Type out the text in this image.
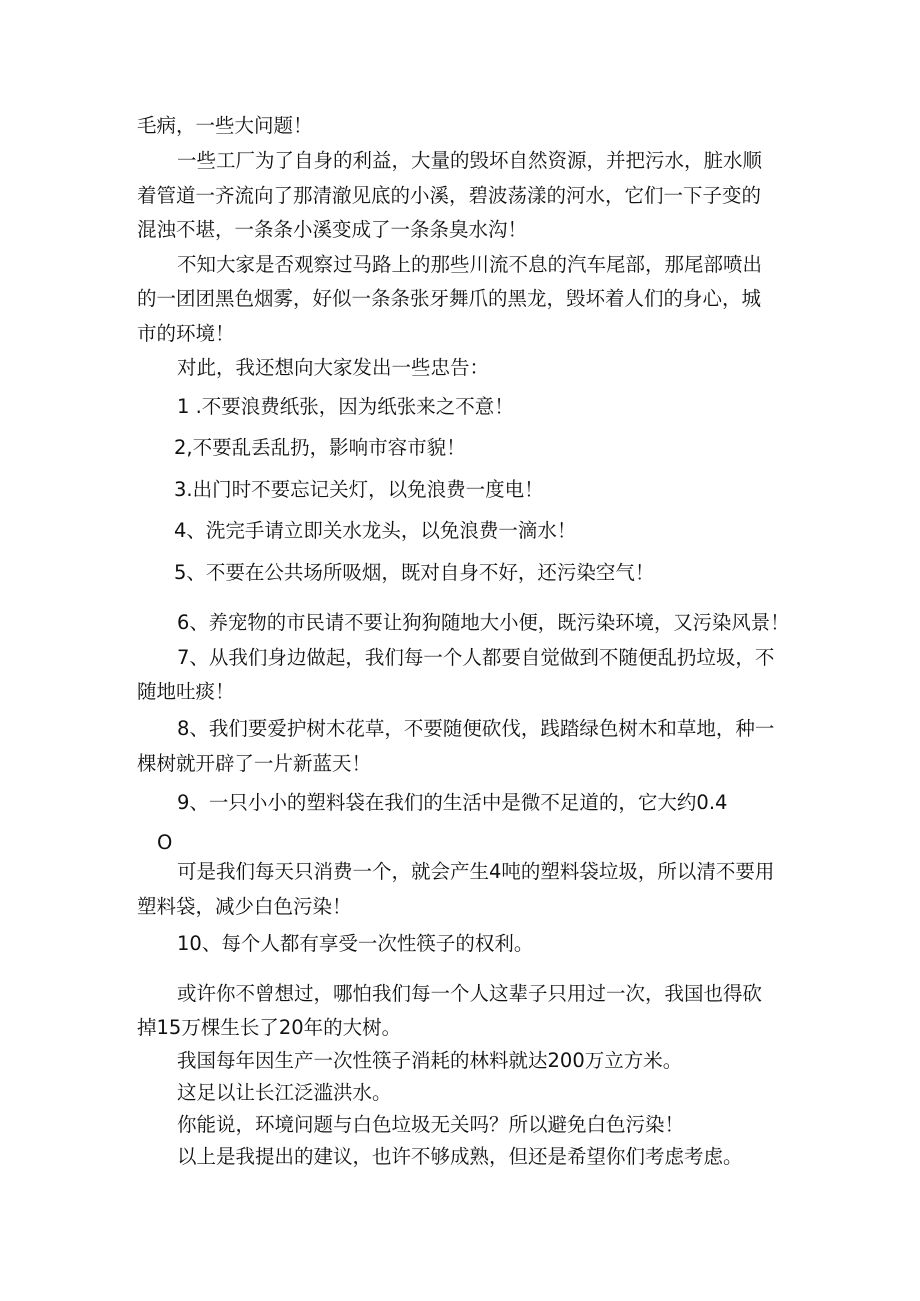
毛病，一些大问题！

一些工厂为了自身的利益，大量的毁坏自然资源，并把污水，脏水顺

着管道一齐流向了那清澈见底的小溪，碧波荡漾的河水，它们一下子变的

混浊不堪，一条条小溪变成了一条条臭水沟！

不知大家是否观察过马路上的那些川流不息的汽车尾部，那尾部喷出

的一团团黑色烟雾，好似一条条张牙舞爪的黑龙，毁坏着人们的身心，城

市的环境！

对此，我还想向大家发出一些忠告：

1 .不要浪费纸张，因为纸张来之不意！

2,不要乱丢乱扔，影响市容市貌！

3.出门时不要忘记关灯，以免浪费一度电！

4、洗完手请立即关水龙头，以免浪费一滴水！

5、不要在公共场所吸烟，既对自身不好，还污染空气！

6、养宠物的市民请不要让狗狗随地大小便，既污染环境，又污染风景！

7、从我们身边做起，我们每一个人都要自觉做到不随便乱扔垃圾，不

随地吐痰！

8、我们要爱护树木花草，不要随便砍伐，践踏绿色树木和草地，种一

棵树就开辟了一片新蓝天！

9、一只小小的塑料袋在我们的生活中是微不足道的，它大约0.4

O

可是我们每天只消费一个，就会产生4吨的塑料袋垃圾，所以清不要用

塑料袋，减少白色污染！

10、每个人都有享受一次性筷子的权利。

或许你不曾想过，哪怕我们每一个人这辈子只用过一次，我国也得砍

掉15万棵生长了20年的大树。

我国每年因生产一次性筷子消耗的林料就达200万立方米。

这足以让长江泛滥洪水。

你能说，环境问题与白色垃圾无关吗？所以避免白色污染！

以上是我提出的建议，也许不够成熟，但还是希望你们考虑考虑。
